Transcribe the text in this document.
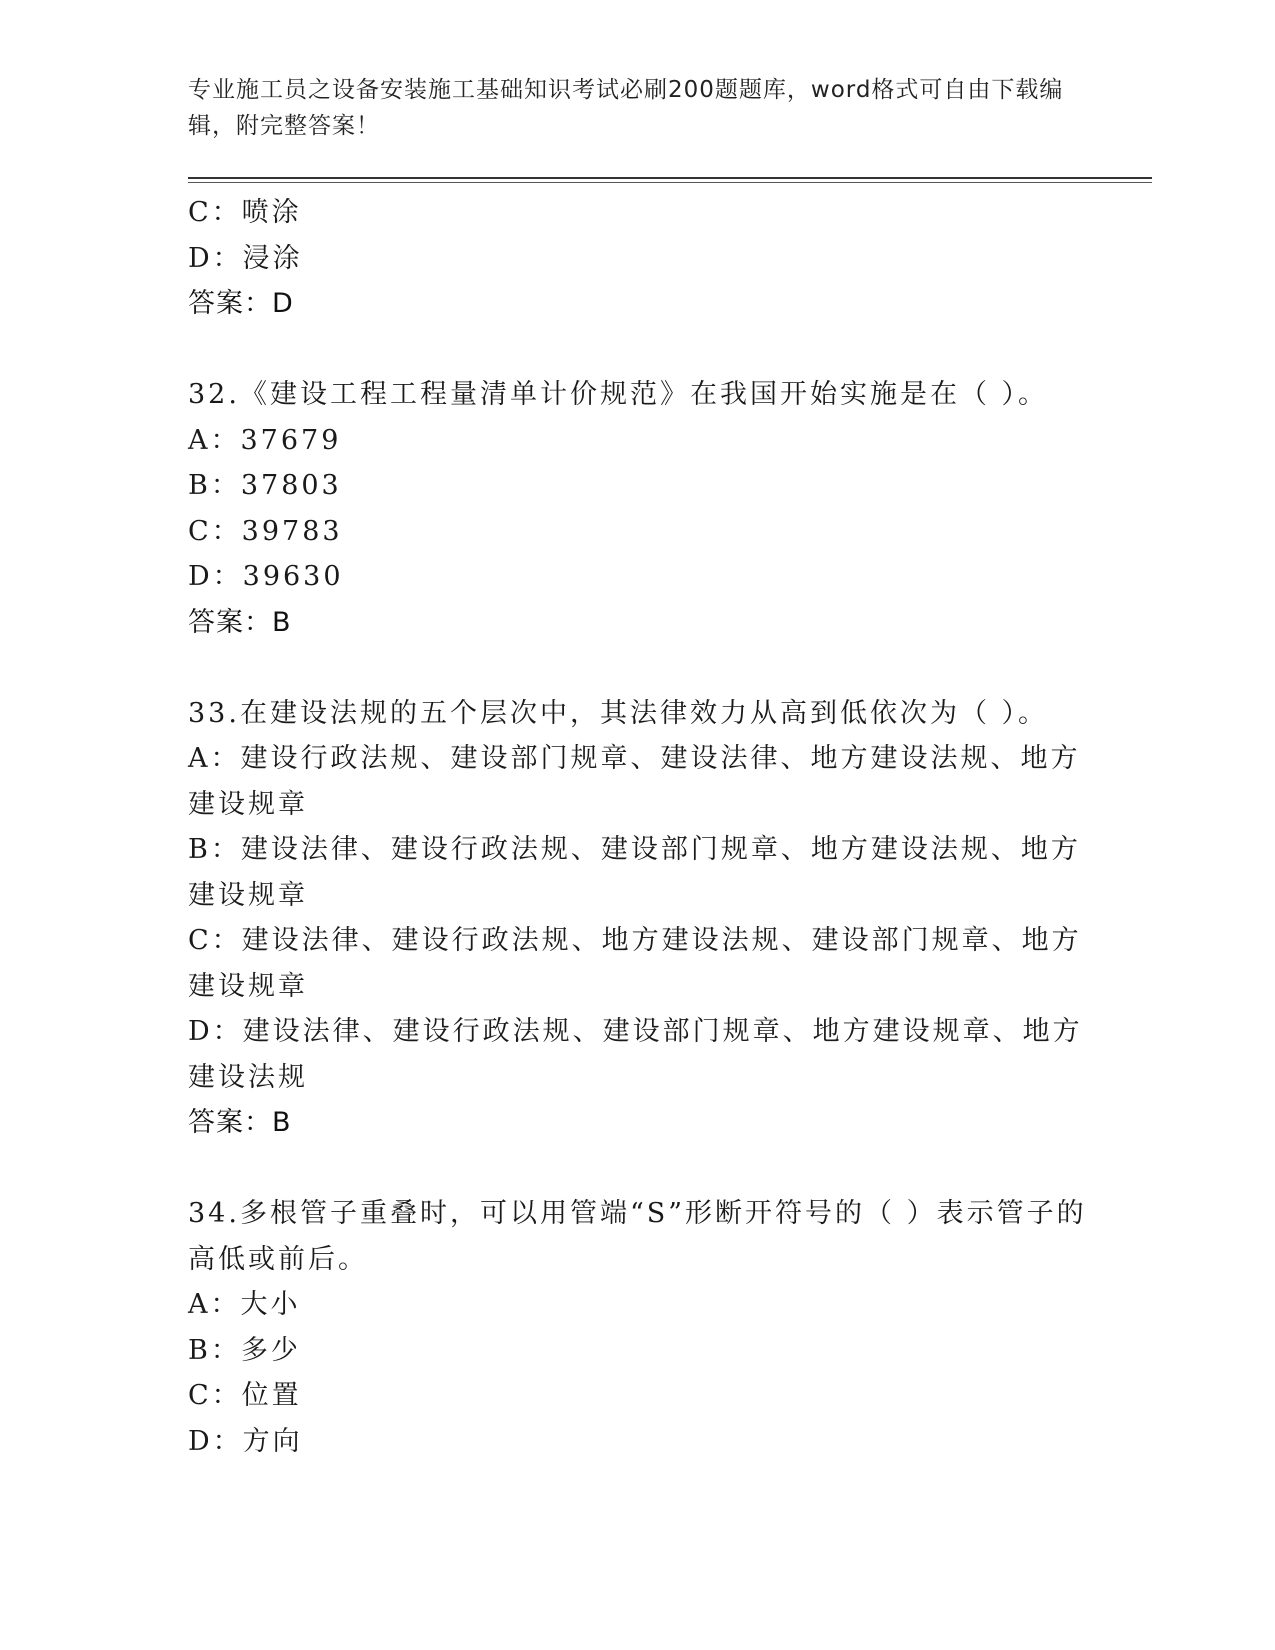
专业施工员之设备安装施工基础知识考试必刷200题题库，word格式可自由下载编辑，附完整答案！
C：喷涂
D：浸涂
答案：D
32.《建设工程工程量清单计价规范》在我国开始实施是在（ ）。
A：37679
B：37803
C：39783
D：39630
答案：B
33.在建设法规的五个层次中，其法律效力从高到低依次为（ ）。
A：建设行政法规、建设部门规章、建设法律、地方建设法规、地方建设规章
B：建设法律、建设行政法规、建设部门规章、地方建设法规、地方建设规章
C：建设法律、建设行政法规、地方建设法规、建设部门规章、地方建设规章
D：建设法律、建设行政法规、建设部门规章、地方建设规章、地方建设法规
答案：B
34.多根管子重叠时，可以用管端“S”形断开符号的（ ）表示管子的高低或前后。
A：大小
B：多少
C：位置
D：方向
